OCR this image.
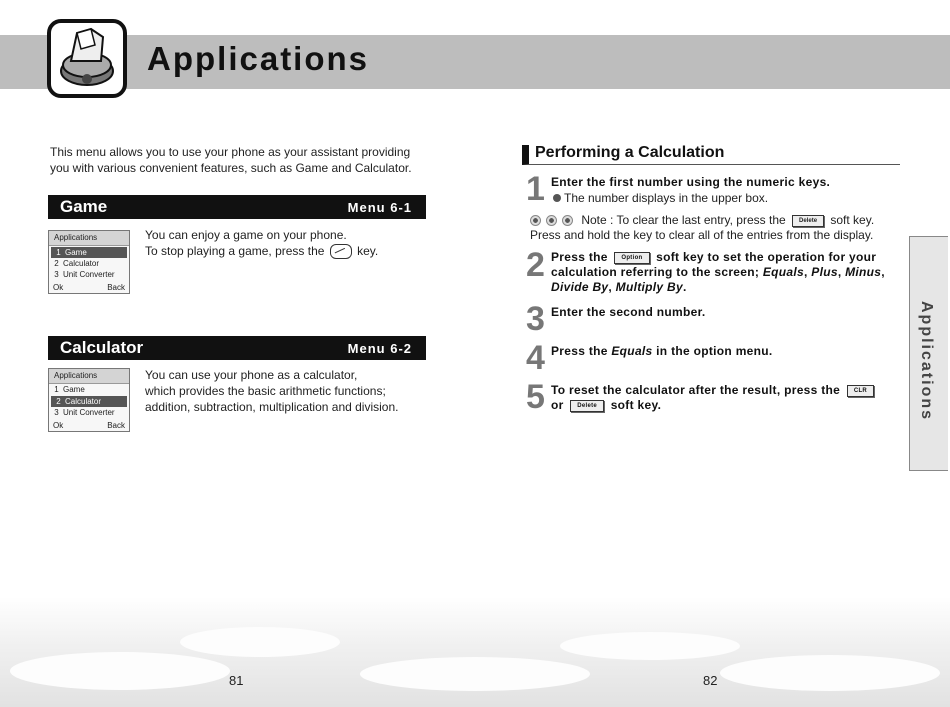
Applications
This menu allows you to use your phone as your assistant providing you with various convenient features, such as Game and Calculator.
Game	Menu 6-1
Applications
1 Game
2 Calculator
3 Unit Converter
Ok	Back
You can enjoy a game on your phone.
To stop playing a game, press the	key.
Calculator	Menu 6-2
Applications
1 Game
2 Calculator
3 Unit Converter
Ok	Back
You can use your phone as a calculator,
which provides the basic arithmetic functions;
addition, subtraction, multiplication and division.
Performing a Calculation
1 Enter the first number using the numeric keys.
The number displays in the upper box.
Note : To clear the last entry, press the Delete soft key. Press and hold the key to clear all of the entries from the display.
2 Press the Option soft key to set the operation for your calculation referring to the screen; Equals, Plus, Minus, Divide By, Multiply By.
3 Enter the second number.
4 Press the Equals in the option menu.
5 To reset the calculator after the result, press the CLR or Delete soft key.	Applications
81	82
